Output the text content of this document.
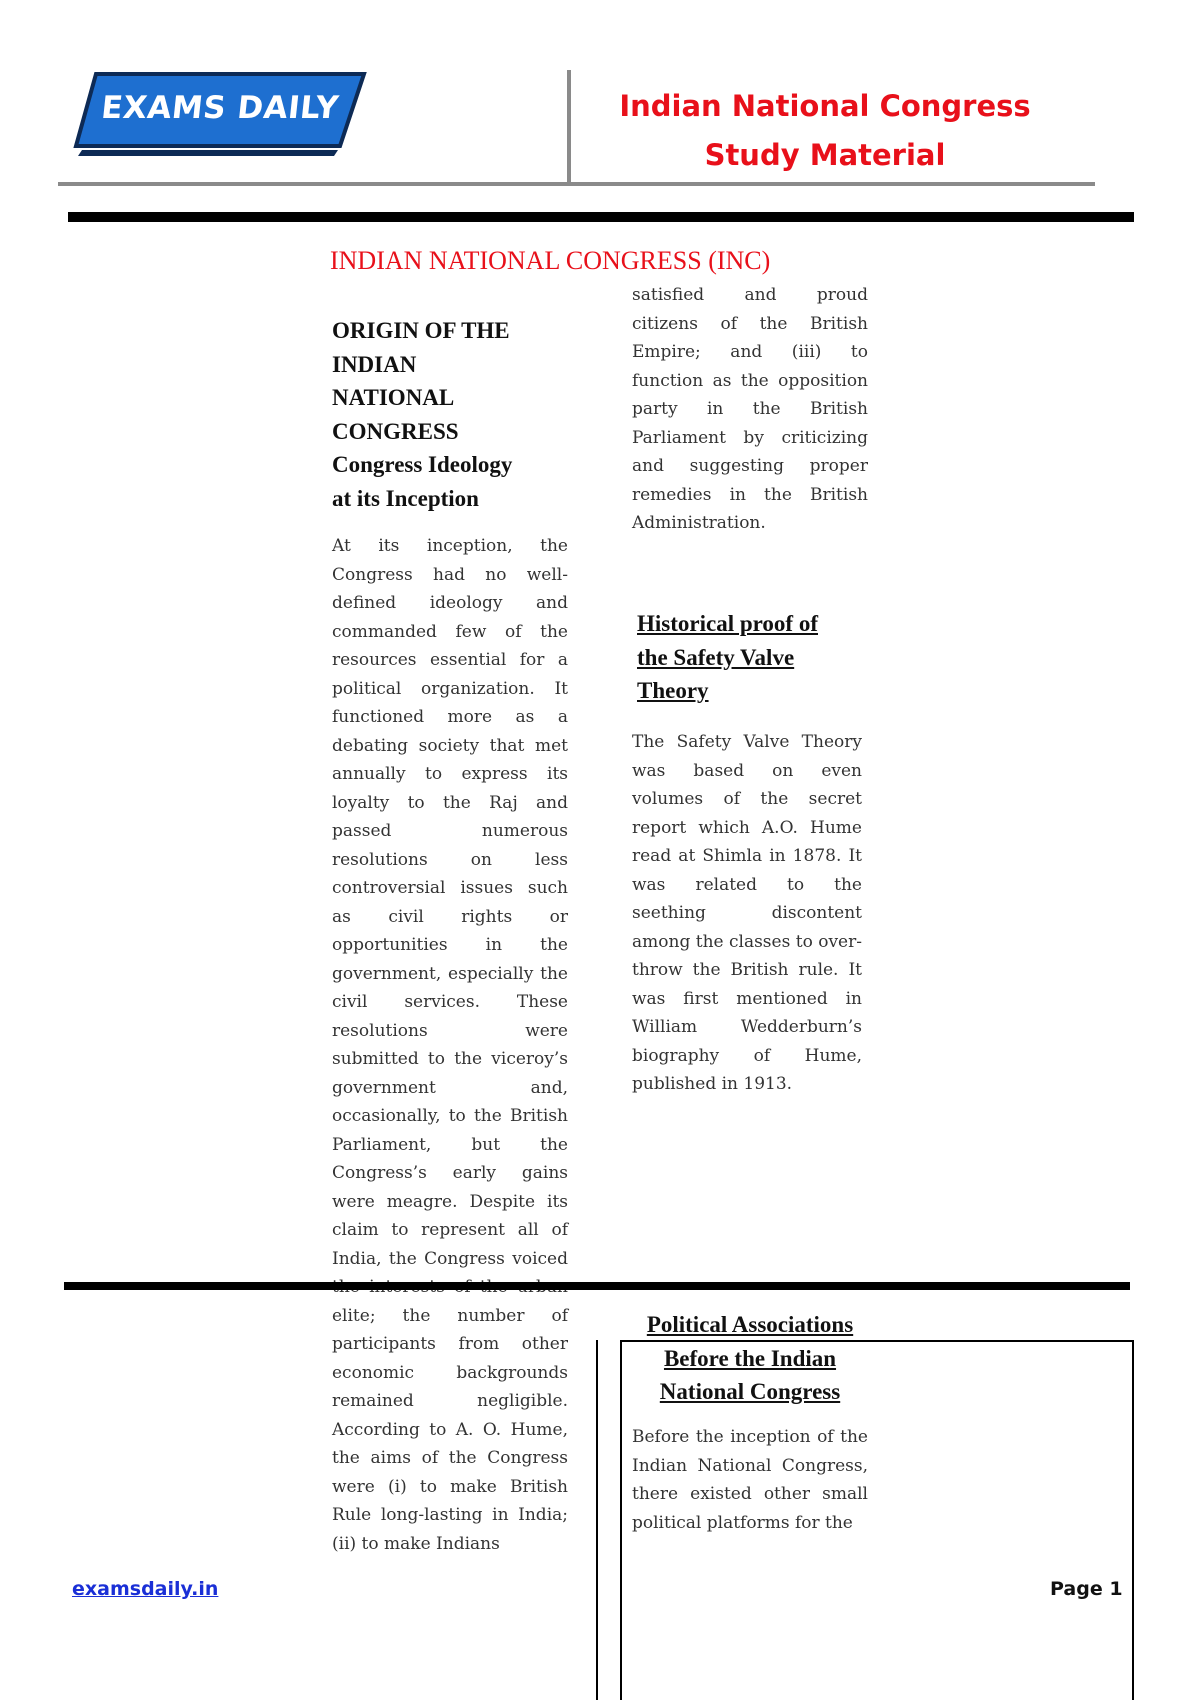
EXAMS DAILY	Indian National Congress
Study Material
INDIAN NATIONAL CONGRESS (INC)
ORIGIN OF THE
INDIAN
NATIONAL
CONGRESS
Congress Ideology
at its Inception
At its inception, the Congress had no well-defined ideology and commanded few of the resources essential for a political organization. It functioned more as a debating society that met annually to express its loyalty to the Raj and passed numerous resolutions on less controversial issues such as civil rights or opportunities in the government, especially the civil services. These resolutions were submitted to the viceroy’s government and, occasionally, to the British Parliament, but the Congress’s early gains were meagre. Despite its claim to represent all of India, the Congress voiced elite; the number of participants from other economic backgrounds remained negligible. According to A. O. Hume, the aims of the Congress were (i) to make British Rule long-lasting in India; (ii) to make Indians
satisfied and proud citizens of the British Empire; and (iii) to function as the opposition party in the British Parliament by criticizing and suggesting proper remedies in the British Administration.
Historical proof of
the Safety Valve
Theory
The Safety Valve Theory was based on even volumes of the secret report which A.O. Hume read at Shimla in 1878. It was related to the seething discontent among the classes to over-throw the British rule. It was first mentioned in William Wedderburn’s biography of Hume, published in 1913.
Political Associations
Before the Indian
National Congress
Before the inception of the Indian National Congress, there existed other small political platforms for the
examsdaily.in	Page 1
